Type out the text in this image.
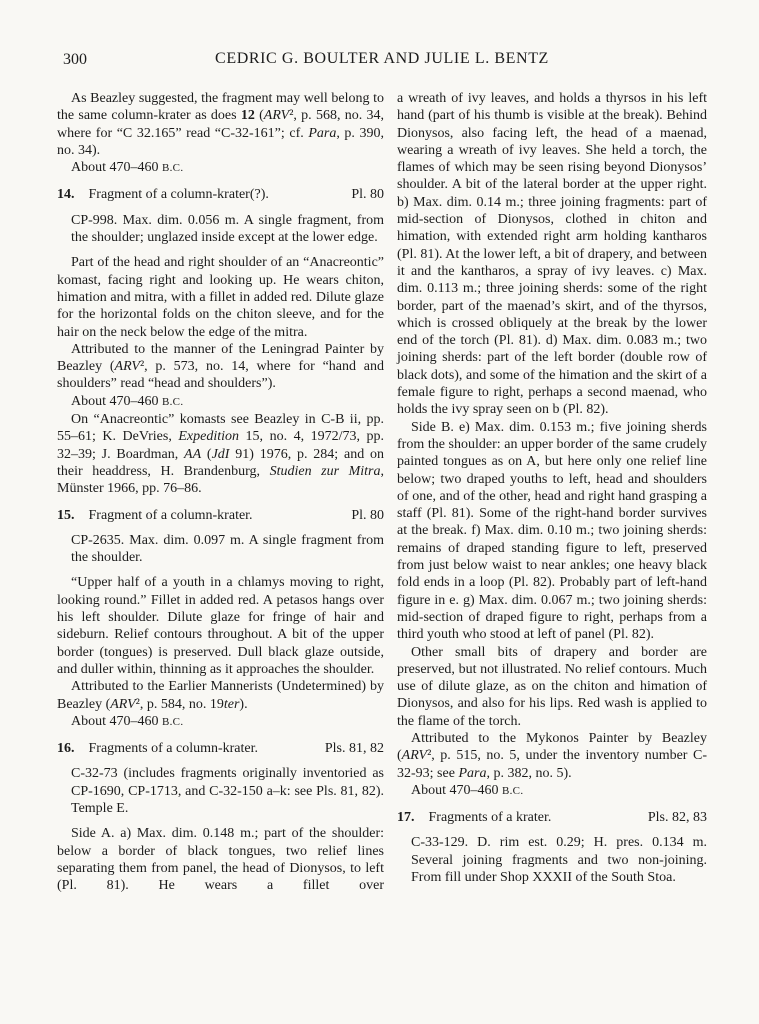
300	CEDRIC G. BOULTER AND JULIE L. BENTZ

As Beazley suggested, the fragment may well belong to the same column-krater as does 12 (ARV², p. 568, no. 34, where for “C 32.165” read “C-32-161”; cf. Para, p. 390, no. 34).

About 470–460 B.C.

14. Fragment of a column-krater(?).	Pl. 80

CP-998. Max. dim. 0.056 m. A single fragment, from the shoulder; unglazed inside except at the lower edge.

Part of the head and right shoulder of an “Anacreontic” komast, facing right and looking up. He wears chiton, himation and mitra, with a fillet in added red. Dilute glaze for the horizontal folds on the chiton sleeve, and for the hair on the neck below the edge of the mitra.

Attributed to the manner of the Leningrad Painter by Beazley (ARV², p. 573, no. 14, where for “hand and shoulders” read “head and shoulders”).

About 470–460 B.C.

On “Anacreontic” komasts see Beazley in C-B ii, pp. 55–61; K. DeVries, Expedition 15, no. 4, 1972/73, pp. 32–39; J. Boardman, AA (JdI 91) 1976, p. 284; and on their headdress, H. Brandenburg, Studien zur Mitra, Münster 1966, pp. 76–86.

15. Fragment of a column-krater.	Pl. 80

CP-2635. Max. dim. 0.097 m. A single fragment from the shoulder.

“Upper half of a youth in a chlamys moving to right, looking round.” Fillet in added red. A petasos hangs over his left shoulder. Dilute glaze for fringe of hair and sideburn. Relief contours throughout. A bit of the upper border (tongues) is preserved. Dull black glaze outside, and duller within, thinning as it approaches the shoulder.

Attributed to the Earlier Mannerists (Undetermined) by Beazley (ARV², p. 584, no. 19ter).

About 470–460 B.C.

16. Fragments of a column-krater.	Pls. 81, 82

C-32-73 (includes fragments originally inventoried as CP-1690, CP-1713, and C-32-150 a–k: see Pls. 81, 82). Temple E.

Side A. a) Max. dim. 0.148 m.; part of the shoulder: below a border of black tongues, two relief lines separating them from panel, the head of Dionysos, to left (Pl. 81). He wears a fillet over

a wreath of ivy leaves, and holds a thyrsos in his left hand (part of his thumb is visible at the break). Behind Dionysos, also facing left, the head of a maenad, wearing a wreath of ivy leaves. She held a torch, the flames of which may be seen rising beyond Dionysos’ shoulder. A bit of the lateral border at the upper right. b) Max. dim. 0.14 m.; three joining fragments: part of mid-section of Dionysos, clothed in chiton and himation, with extended right arm holding kantharos (Pl. 81). At the lower left, a bit of drapery, and between it and the kantharos, a spray of ivy leaves. c) Max. dim. 0.113 m.; three joining sherds: some of the right border, part of the maenad’s skirt, and of the thyrsos, which is crossed obliquely at the break by the lower end of the torch (Pl. 81). d) Max. dim. 0.083 m.; two joining sherds: part of the left border (double row of black dots), and some of the himation and the skirt of a female figure to right, perhaps a second maenad, who holds the ivy spray seen on b (Pl. 82).

Side B. e) Max. dim. 0.153 m.; five joining sherds from the shoulder: an upper border of the same crudely painted tongues as on A, but here only one relief line below; two draped youths to left, head and shoulders of one, and of the other, head and right hand grasping a staff (Pl. 81). Some of the right-hand border survives at the break. f) Max. dim. 0.10 m.; two joining sherds: remains of draped standing figure to left, preserved from just below waist to near ankles; one heavy black fold ends in a loop (Pl. 82). Probably part of left-hand figure in e. g) Max. dim. 0.067 m.; two joining sherds: mid-section of draped figure to right, perhaps from a third youth who stood at left of panel (Pl. 82).

Other small bits of drapery and border are preserved, but not illustrated. No relief contours. Much use of dilute glaze, as on the chiton and himation of Dionysos, and also for his lips. Red wash is applied to the flame of the torch.

Attributed to the Mykonos Painter by Beazley (ARV², p. 515, no. 5, under the inventory number C-32-93; see Para, p. 382, no. 5).

About 470–460 B.C.

17. Fragments of a krater.	Pls. 82, 83

C-33-129. D. rim est. 0.29; H. pres. 0.134 m. Several joining fragments and two non-joining. From fill under Shop XXXII of the South Stoa.
